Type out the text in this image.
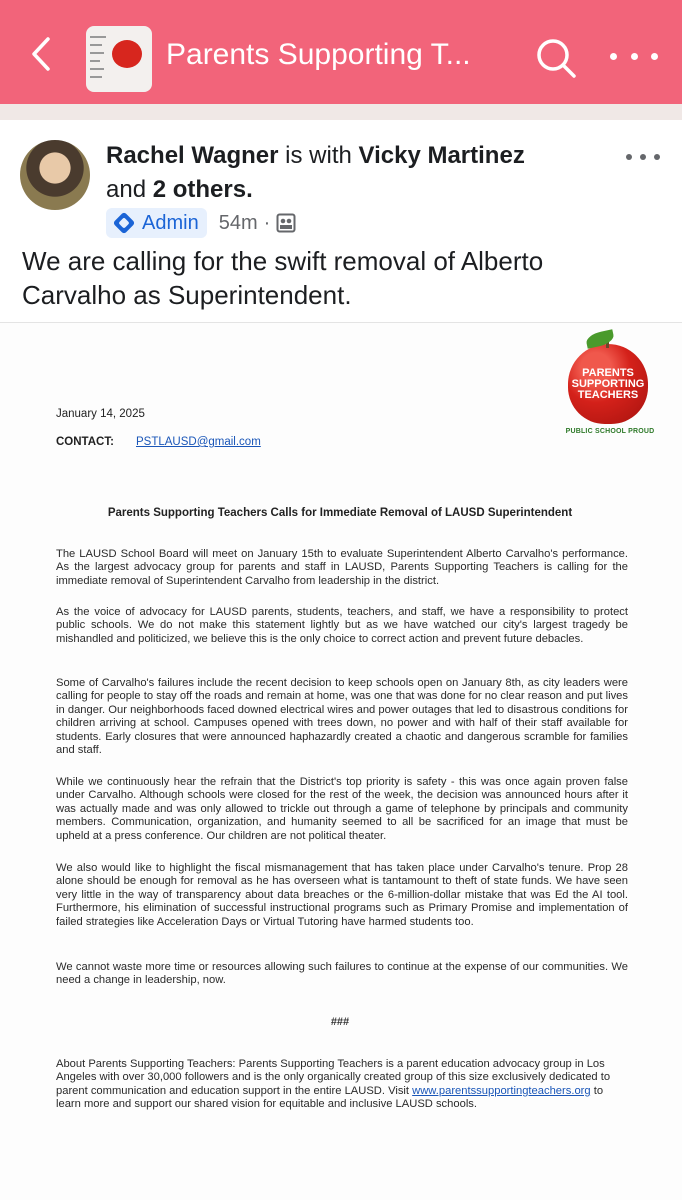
Parents Supporting T...
Rachel Wagner is with Vicky Martinez
and 2 others.
Admin 54m ·
We are calling for the swift removal of Alberto Carvalho as Superintendent.
PARENTS
SUPPORTING
TEACHERS
PUBLIC SCHOOL PROUD
January 14, 2025
CONTACT: PSTLAUSD@gmail.com
Parents Supporting Teachers Calls for Immediate Removal of LAUSD Superintendent

The LAUSD School Board will meet on January 15th to evaluate Superintendent Alberto Carvalho's performance. As the largest advocacy group for parents and staff in LAUSD, Parents Supporting Teachers is calling for the immediate removal of Superintendent Carvalho from leadership in the district.

As the voice of advocacy for LAUSD parents, students, teachers, and staff, we have a responsibility to protect public schools. We do not make this statement lightly but as we have watched our city's largest tragedy be mishandled and politicized, we believe this is the only choice to correct action and prevent future debacles.

Some of Carvalho's failures include the recent decision to keep schools open on January 8th, as city leaders were calling for people to stay off the roads and remain at home, was one that was done for no clear reason and put lives in danger. Our neighborhoods faced downed electrical wires and power outages that led to disastrous conditions for children arriving at school. Campuses opened with trees down, no power and with half of their staff available for students. Early closures that were announced haphazardly created a chaotic and dangerous scramble for families and staff.

While we continuously hear the refrain that the District's top priority is safety - this was once again proven false under Carvalho. Although schools were closed for the rest of the week, the decision was announced hours after it was actually made and was only allowed to trickle out through a game of telephone by principals and community members. Communication, organization, and humanity seemed to all be sacrificed for an image that must be upheld at a press conference. Our children are not political theater.

We also would like to highlight the fiscal mismanagement that has taken place under Carvalho's tenure. Prop 28 alone should be enough for removal as he has overseen what is tantamount to theft of state funds. We have seen very little in the way of transparency about data breaches or the 6-million-dollar mistake that was Ed the AI tool. Furthermore, his elimination of successful instructional programs such as Primary Promise and implementation of failed strategies like Acceleration Days or Virtual Tutoring have harmed students too.

We cannot waste more time or resources allowing such failures to continue at the expense of our communities. We need a change in leadership, now.

###
About Parents Supporting Teachers: Parents Supporting Teachers is a parent education advocacy group in Los Angeles with over 30,000 followers and is the only organically created group of this size exclusively dedicated to parent communication and education support in the entire LAUSD. Visit www.parentssupportingteachers.org to learn more and support our shared vision for equitable and inclusive LAUSD schools.
